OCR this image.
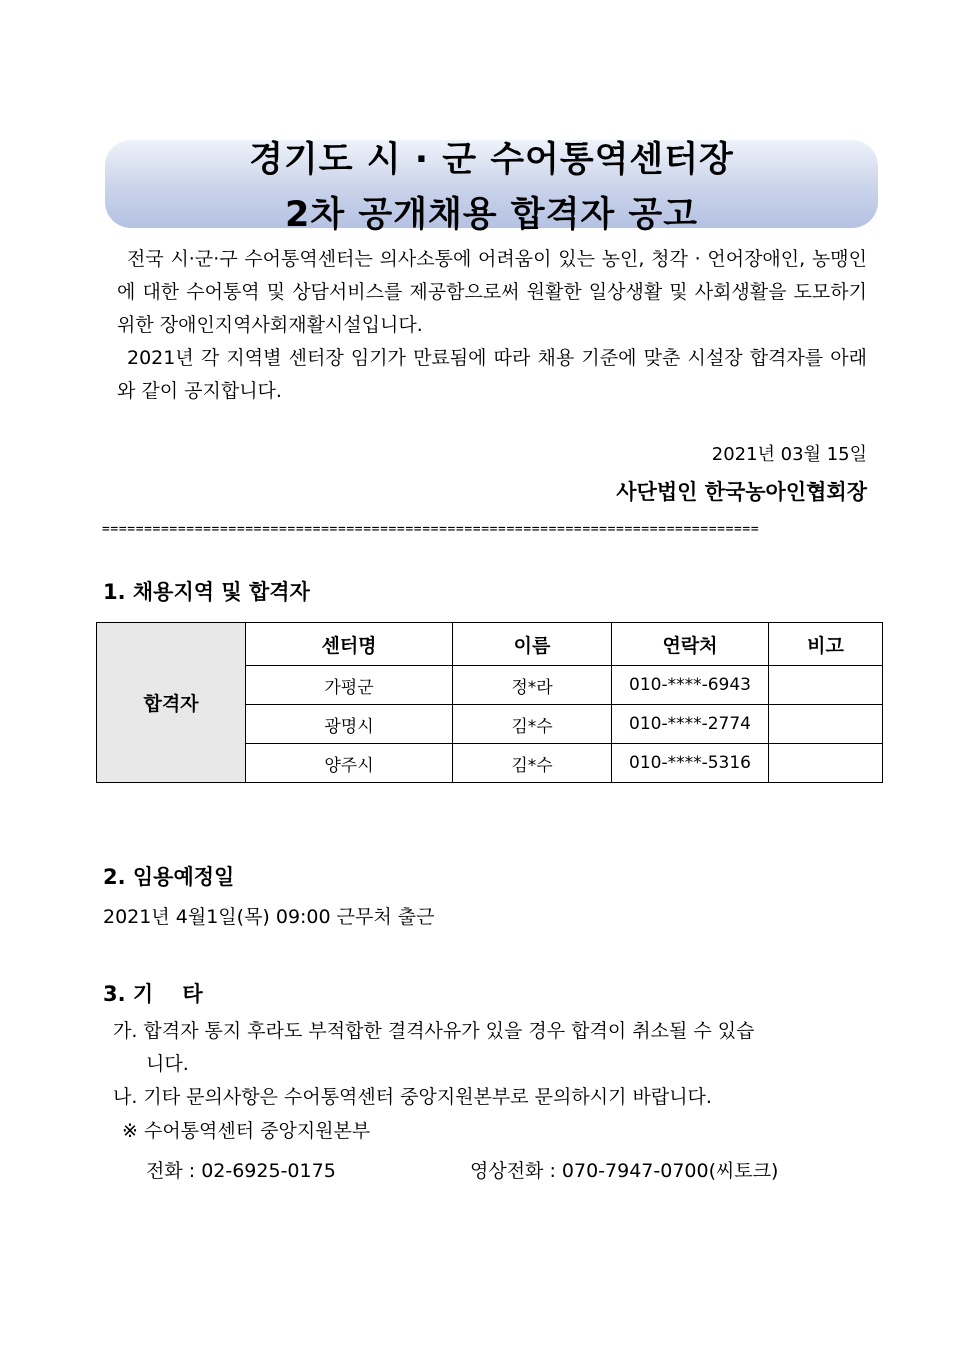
경기도 시 · 군 수어통역센터장
2차 공개채용 합격자 공고
전국 시·군·구 수어통역센터는 의사소통에 어려움이 있는 농인, 청각 · 언어장애인, 농맹인에 대한 수어통역 및 상담서비스를 제공함으로써 원활한 일상생활 및 사회생활을 도모하기 위한 장애인지역사회재활시설입니다.
2021년 각 지역별 센터장 임기가 만료됨에 따라 채용 기준에 맞춘 시설장 합격자를 아래와 같이 공지합니다.
2021년 03월 15일
사단법인 한국농아인협회장
==============================================================================
1. 채용지역 및 합격자
합격자	센터명	이름	연락처	비고
	가평군	정*라	010-****-6943	
	광명시	김*수	010-****-2774	
	양주시	김*수	010-****-5316	
2. 임용예정일
2021년 4월1일(목) 09:00 근무처 출근
3. 기    타
가. 합격자 통지 후라도 부적합한 결격사유가 있을 경우 합격이 취소될 수 있습
니다.
나. 기타 문의사항은 수어통역센터 중앙지원본부로 문의하시기 바랍니다.
※ 수어통역센터 중앙지원본부
전화 : 02-6925-0175	영상전화 : 070-7947-0700(씨토크)
